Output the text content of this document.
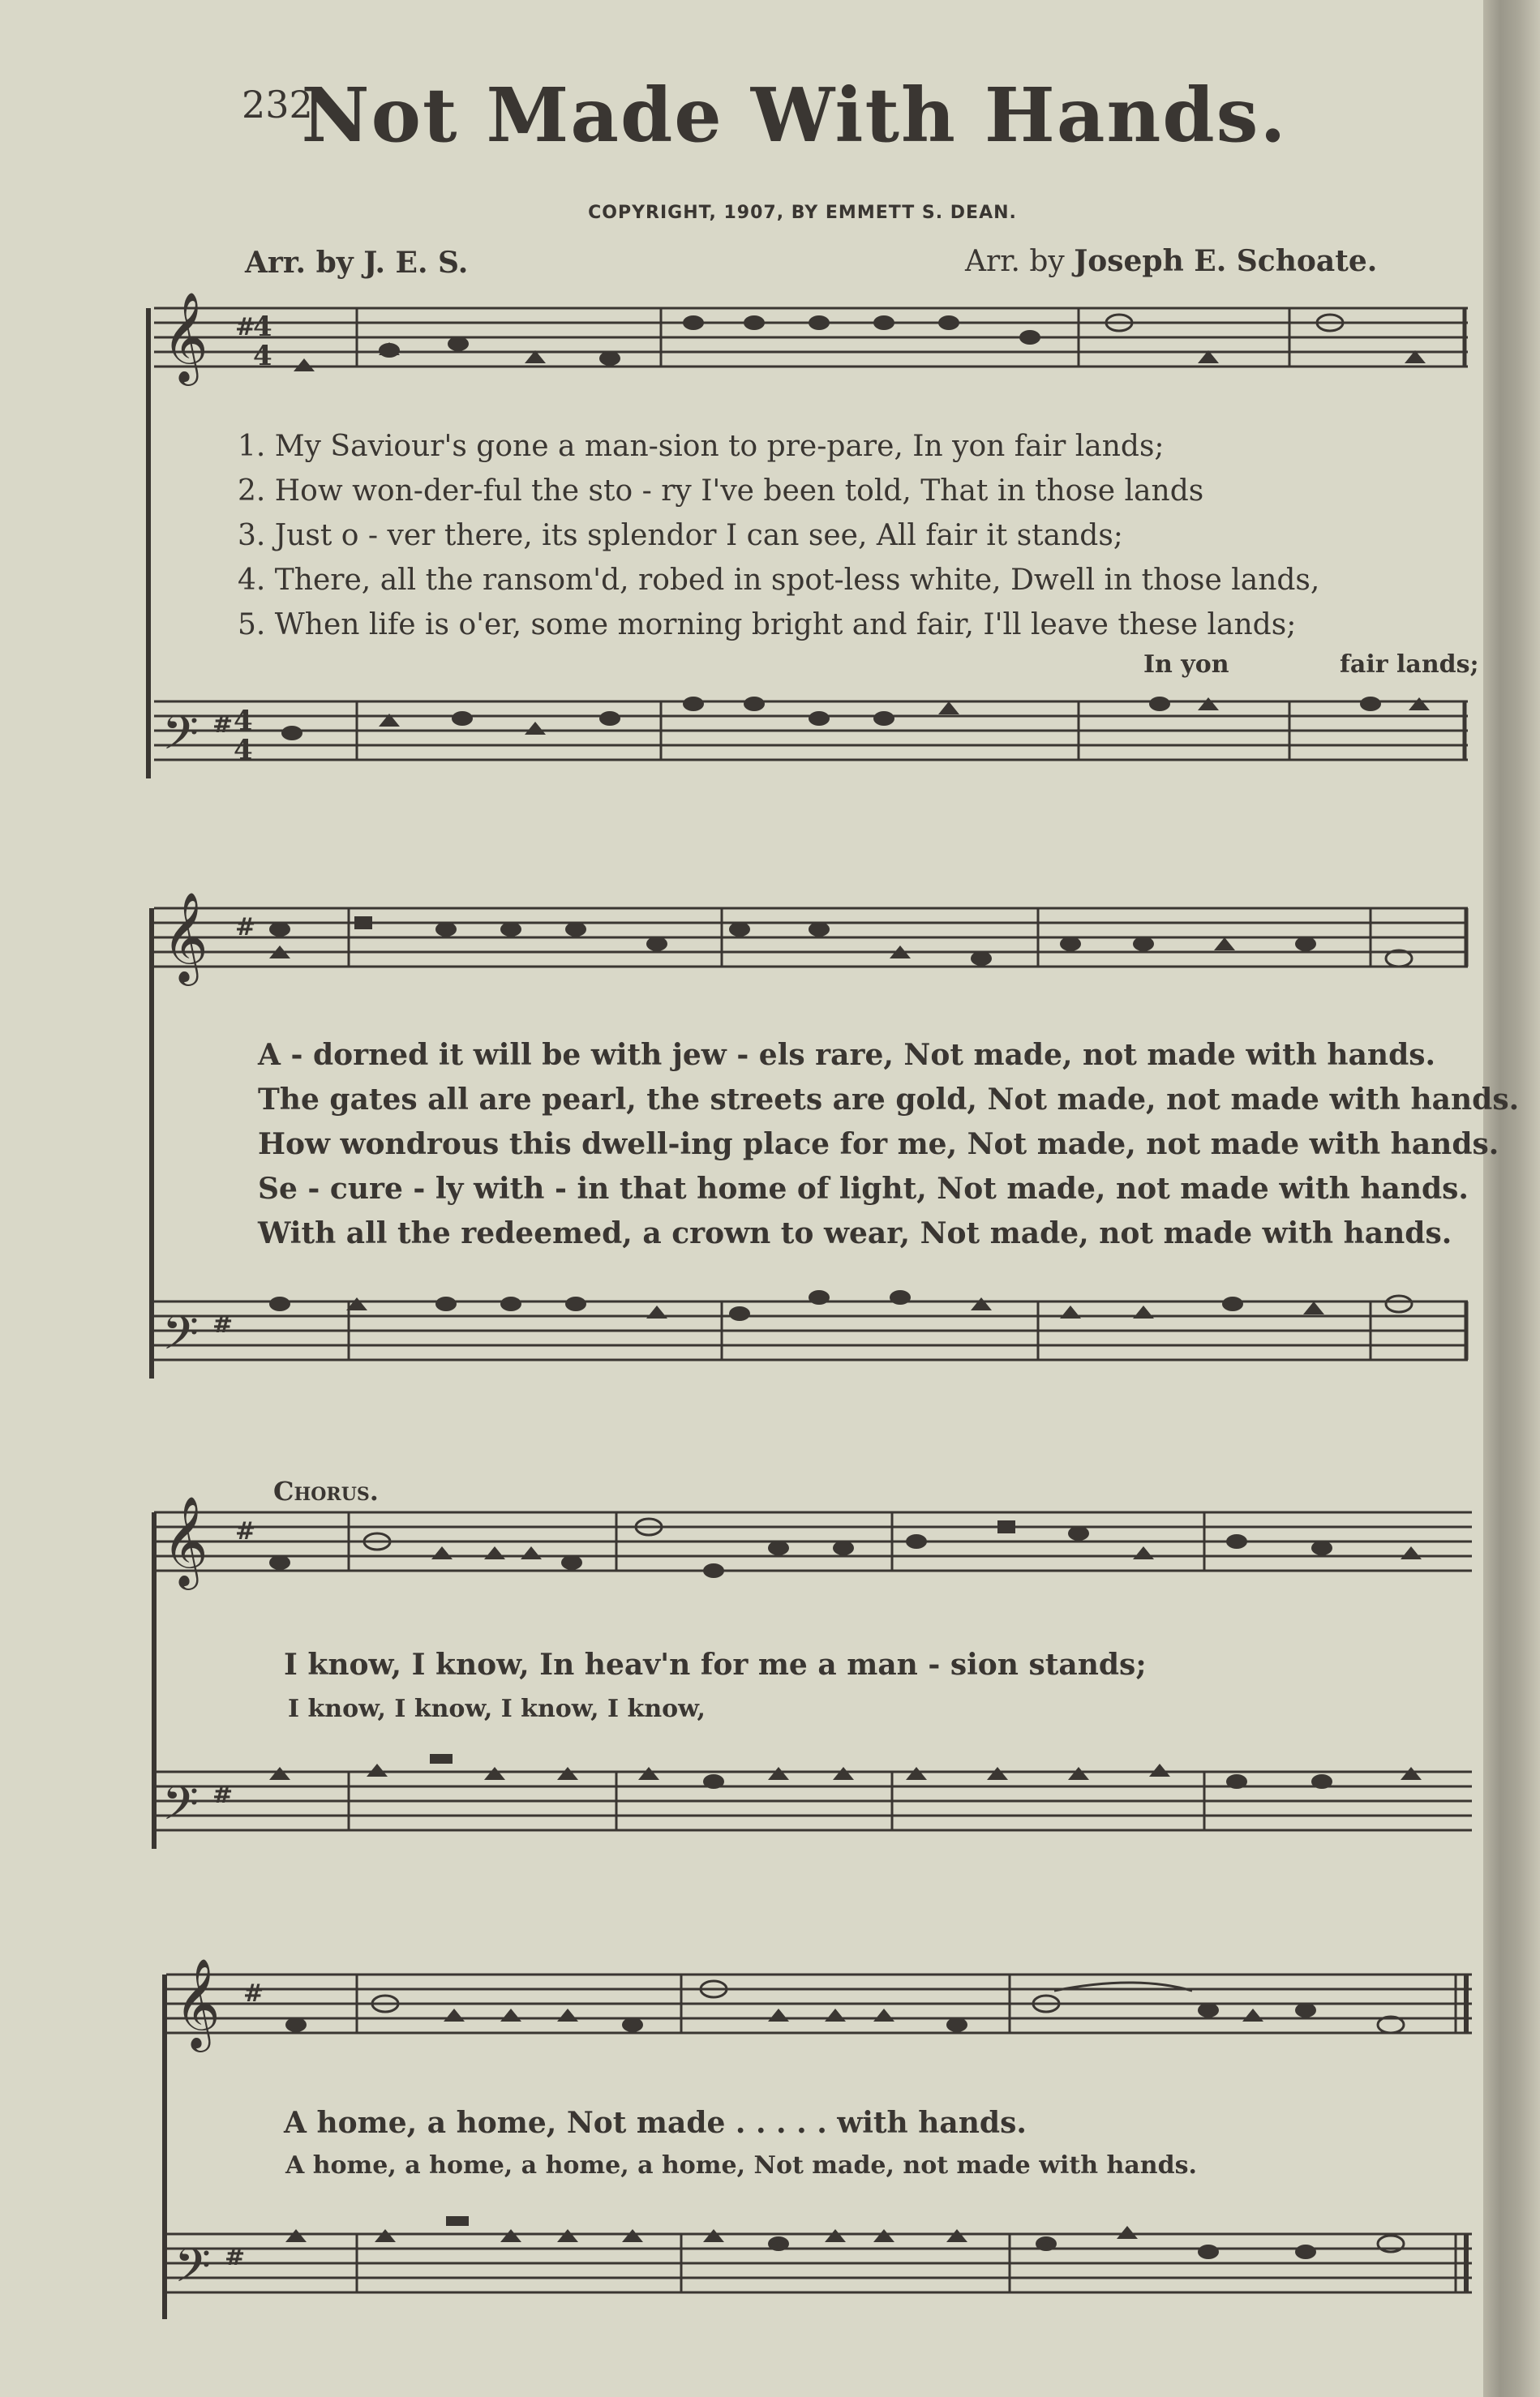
232
Not Made With Hands.
COPYRIGHT, 1907, BY EMMETT S. DEAN.
Arr. by J. E. S.	Arr. by Joseph E. Schoate.
𝄞 #
4
4
𝄢 # 4
4
1. My Saviour's gone a man-sion to pre-pare, In yon fair lands;
2. How won-der-ful the sto - ry I've been told, That in those lands
3. Just o - ver there, its splendor I can see, All fair it stands;
4. There, all the ransom'd, robed in spot-less white, Dwell in those lands,
5. When life is o'er, some morning bright and fair, I'll leave these lands;
In yon	fair lands;
𝄞 #
𝄢 #
A - dorned it will be with jew - els rare, Not made, not made with hands.
The gates all are pearl, the streets are gold, Not made, not made with hands.
How wondrous this dwell-ing place for me, Not made, not made with hands.
Se - cure - ly with - in that home of light, Not made, not made with hands.
With all the redeemed, a crown to wear, Not made, not made with hands.
Chorus.
𝄞 #
𝄢 #
I know, I know, In heav'n for me a man - sion stands;
I know, I know, I know, I know,
𝄞 #
𝄢 #
A home, a home, Not made . . . . . with hands.
A home, a home, a home, a home, Not made, not made with hands.
